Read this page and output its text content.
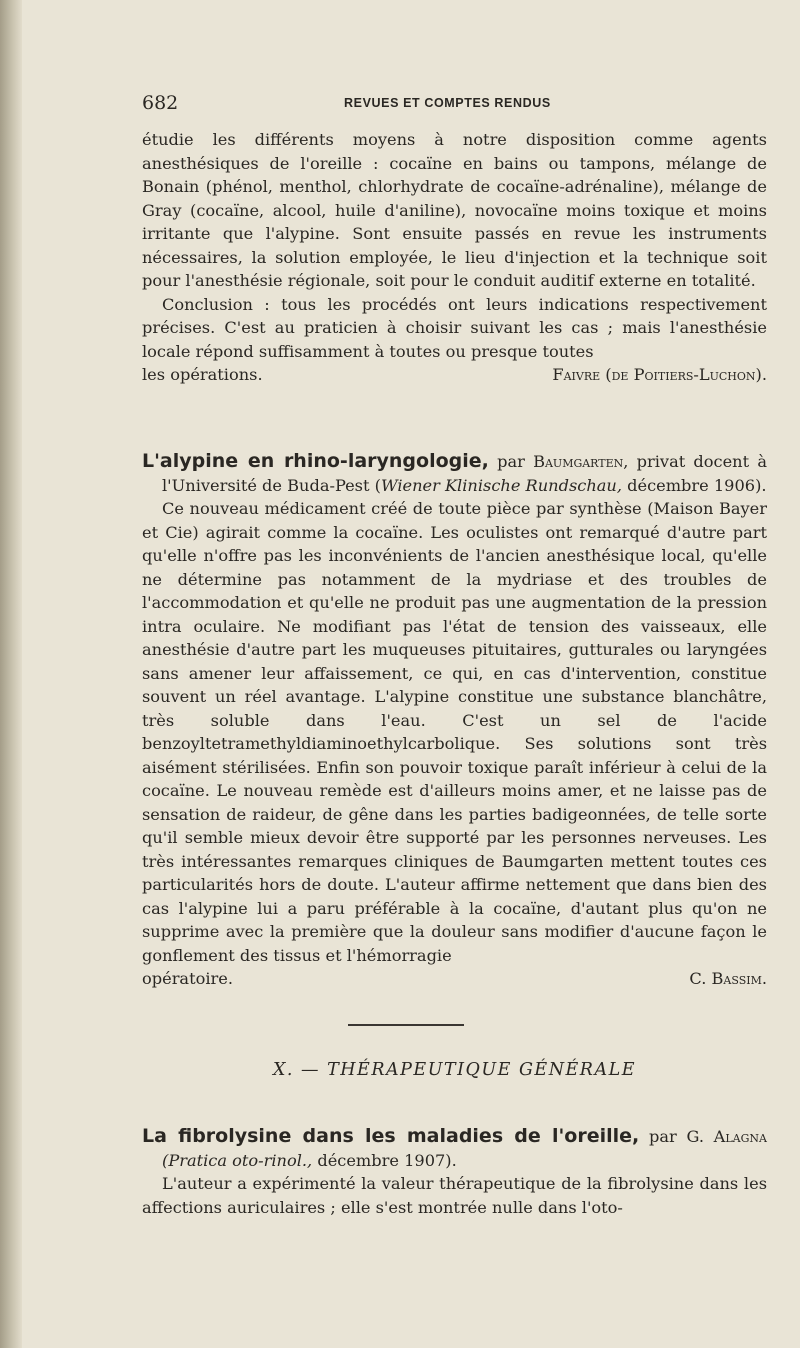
682	REVUES ET COMPTES RENDUS

étudie les différents moyens à notre disposition comme agents anesthésiques de l'oreille : cocaïne en bains ou tampons, mélange de Bonain (phénol, menthol, chlorhydrate de cocaïne-adrénaline), mélange de Gray (cocaïne, alcool, huile d'aniline), novocaïne moins toxique et moins irritante que l'alypine. Sont ensuite passés en revue les instruments nécessaires, la solution employée, le lieu d'injection et la technique soit pour l'anesthésie régionale, soit pour le conduit auditif externe en totalité.

Conclusion : tous les procédés ont leurs indications respectivement précises. C'est au praticien à choisir suivant les cas ; mais l'anesthésie locale répond suffisamment à toutes ou presque toutes

les opérations.	Faivre (de Poitiers-Luchon).

L'alypine en rhino-laryngologie, par Baumgarten, privat docent à l'Université de Buda-Pest (Wiener Klinische Rundschau, décembre 1906).

Ce nouveau médicament créé de toute pièce par synthèse (Maison Bayer et Cie) agirait comme la cocaïne. Les oculistes ont remarqué d'autre part qu'elle n'offre pas les inconvénients de l'ancien anesthésique local, qu'elle ne détermine pas notamment de la mydriase et des troubles de l'accommodation et qu'elle ne produit pas une augmentation de la pression intra oculaire. Ne modifiant pas l'état de tension des vaisseaux, elle anesthésie d'autre part les muqueuses pituitaires, gutturales ou laryngées sans amener leur affaissement, ce qui, en cas d'intervention, constitue souvent un réel avantage. L'alypine constitue une substance blanchâtre, très soluble dans l'eau. C'est un sel de l'acide benzoyltetramethyldiaminoethylcarbolique. Ses solutions sont très aisément stérilisées. Enfin son pouvoir toxique paraît inférieur à celui de la cocaïne. Le nouveau remède est d'ailleurs moins amer, et ne laisse pas de sensation de raideur, de gêne dans les parties badigeonnées, de telle sorte qu'il semble mieux devoir être supporté par les personnes nerveuses. Les très intéressantes remarques cliniques de Baumgarten mettent toutes ces particularités hors de doute. L'auteur affirme nettement que dans bien des cas l'alypine lui a paru préférable à la cocaïne, d'autant plus qu'on ne supprime avec la première que la douleur sans modifier d'aucune façon le gonflement des tissus et l'hémorragie

opératoire.	C. Bassim.
X. — THÉRAPEUTIQUE GÉNÉRALE

La fibrolysine dans les maladies de l'oreille, par G. Alagna (Pratica oto-rinol., décembre 1907).

L'auteur a expérimenté la valeur thérapeutique de la fibrolysine dans les affections auriculaires ; elle s'est montrée nulle dans l'oto-
